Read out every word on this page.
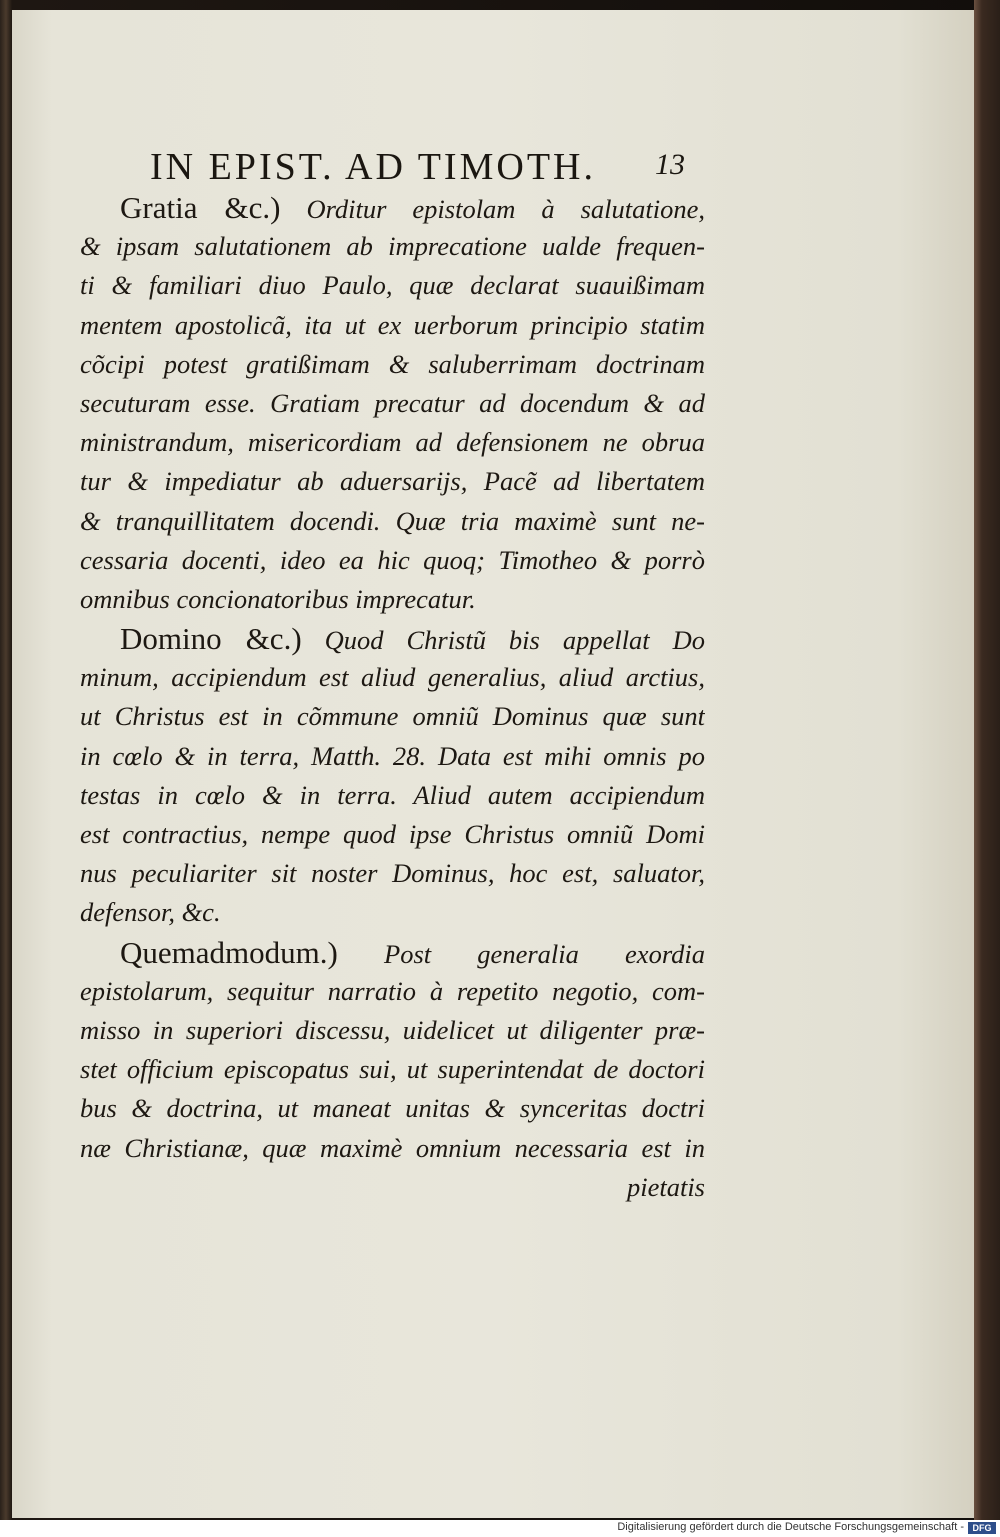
IN EPIST. AD TIMOTH.	13
Gratia &c.) Orditur epistolam à salutatione,
& ipsam salutationem ab imprecatione ualde frequen-
ti & familiari diuo Paulo, quæ declarat suauißimam
mentem apostolicã, ita ut ex uerborum principio statim
cõcipi potest gratißimam & saluberrimam doctrinam
secuturam esse. Gratiam precatur ad docendum & ad
ministrandum, misericordiam ad defensionem ne obrua
tur & impediatur ab aduersarijs, Pacẽ ad libertatem
& tranquillitatem docendi. Quæ tria maximè sunt ne-
cessaria docenti, ideo ea hic quoq; Timotheo & porrò
omnibus concionatoribus imprecatur.
Domino &c.) Quod Christũ bis appellat Do
minum, accipiendum est aliud generalius, aliud arctius,
ut Christus est in cõmmune omniũ Dominus quæ sunt
in cœlo & in terra, Matth. 28. Data est mihi omnis po
testas in cœlo & in terra. Aliud autem accipiendum
est contractius, nempe quod ipse Christus omniũ Domi
nus peculiariter sit noster Dominus, hoc est, saluator,
defensor, &c.
Quemadmodum.) Post generalia exordia
epistolarum, sequitur narratio à repetito negotio, com-
misso in superiori discessu, uidelicet ut diligenter præ-
stet officium episcopatus sui, ut superintendat de doctori
bus & doctrina, ut maneat unitas & synceritas doctri
næ Christianæ, quæ maximè omnium necessaria est in
pietatis
Digitalisierung gefördert durch die Deutsche Forschungsgemeinschaft - DFG
